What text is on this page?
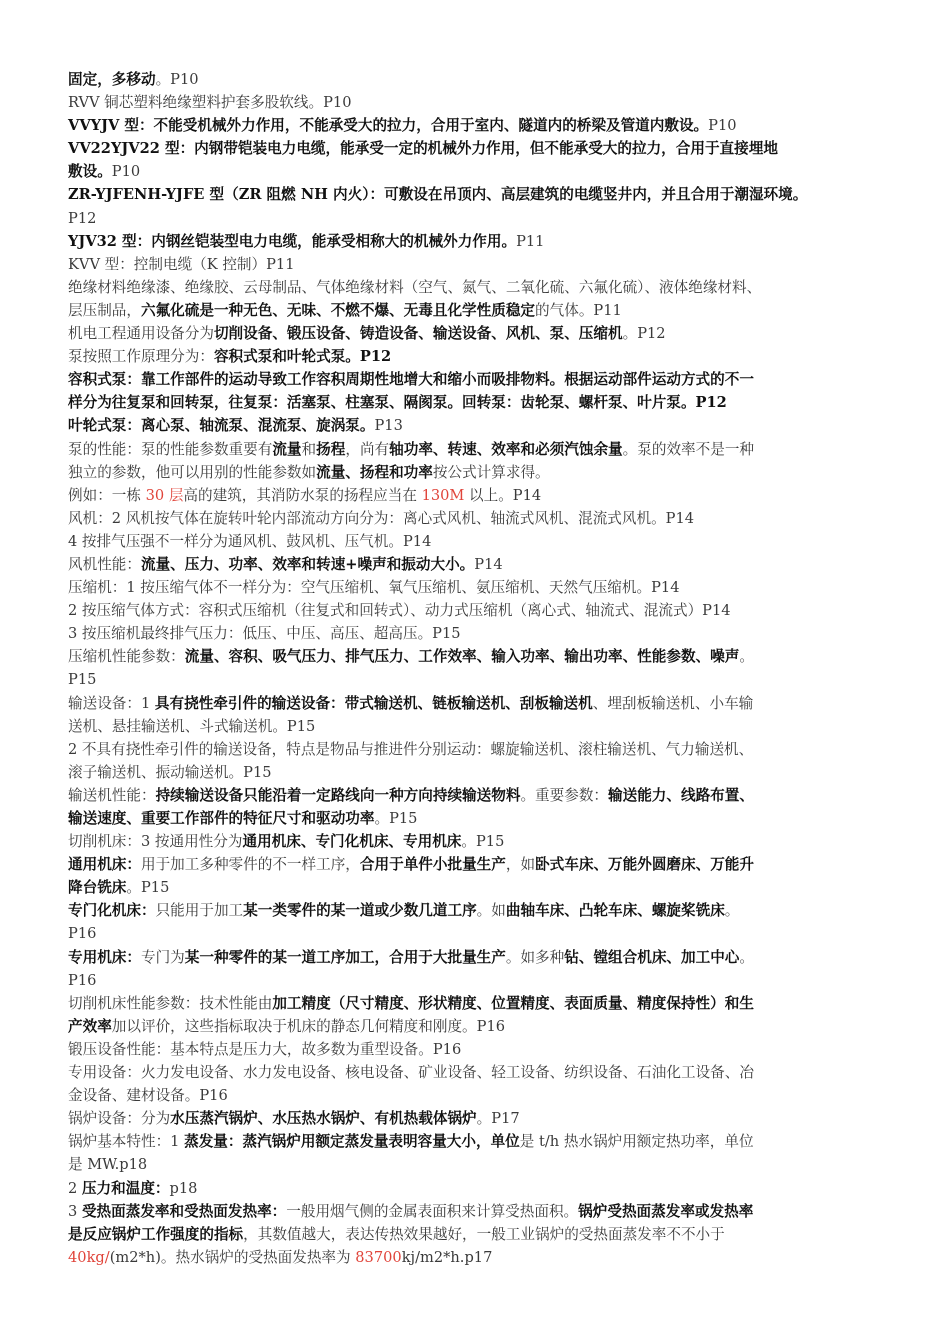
固定，多移动。P10
RVV 铜芯塑料绝缘塑料护套多股软线。P10
VVYJV 型：不能受机械外力作用，不能承受大的拉力，合用于室内、隧道内的桥梁及管道内敷设。P10
VV22YJV22 型：内钢带铠装电力电缆，能承受一定的机械外力作用，但不能承受大的拉力，合用于直接埋地
敷设。P10
ZR-YJFENH-YJFE 型（ZR 阻燃 NH 内火）：可敷设在吊顶内、高层建筑的电缆竖井内，并且合用于潮湿环境。
P12
YJV32 型：内钢丝铠装型电力电缆，能承受相称大的机械外力作用。P11
KVV 型：控制电缆（K 控制）P11
绝缘材料绝缘漆、绝缘胶、云母制品、气体绝缘材料（空气、氮气、二氧化硫、六氟化硫）、液体绝缘材料、
层压制品，六氟化硫是一种无色、无味、不燃不爆、无毒且化学性质稳定的气体。P11
机电工程通用设备分为切削设备、锻压设备、铸造设备、输送设备、风机、泵、压缩机。P12
泵按照工作原理分为：容积式泵和叶轮式泵。P12
容积式泵：靠工作部件的运动导致工作容积周期性地增大和缩小而吸排物料。根据运动部件运动方式的不一
样分为往复泵和回转泵，往复泵：活塞泵、柱塞泵、隔阂泵。回转泵：齿轮泵、螺杆泵、叶片泵。P12
叶轮式泵：离心泵、轴流泵、混流泵、旋涡泵。P13
泵的性能：泵的性能参数重要有流量和扬程，尚有轴功率、转速、效率和必须汽蚀余量。泵的效率不是一种
独立的参数，他可以用别的性能参数如流量、扬程和功率按公式计算求得。
例如：一栋 30 层高的建筑，其消防水泵的扬程应当在 130M 以上。P14
风机：2 风机按气体在旋转叶轮内部流动方向分为：离心式风机、轴流式风机、混流式风机。P14
4 按排气压强不一样分为通风机、鼓风机、压气机。P14
风机性能：流量、压力、功率、效率和转速+噪声和振动大小。P14
压缩机：1 按压缩气体不一样分为：空气压缩机、氧气压缩机、氨压缩机、天然气压缩机。P14
2 按压缩气体方式：容积式压缩机（往复式和回转式）、动力式压缩机（离心式、轴流式、混流式）P14
3 按压缩机最终排气压力：低压、中压、高压、超高压。P15
压缩机性能参数：流量、容积、吸气压力、排气压力、工作效率、输入功率、输出功率、性能参数、噪声。
P15
输送设备：1 具有挠性牵引件的输送设备：带式输送机、链板输送机、刮板输送机、埋刮板输送机、小车输
送机、悬挂输送机、斗式输送机。P15
2 不具有挠性牵引件的输送设备，特点是物品与推进件分别运动：螺旋输送机、滚柱输送机、气力输送机、
滚子输送机、振动输送机。P15
输送机性能：持续输送设备只能沿着一定路线向一种方向持续输送物料。重要参数：输送能力、线路布置、
输送速度、重要工作部件的特征尺寸和驱动功率。P15
切削机床：3 按通用性分为通用机床、专门化机床、专用机床。P15
通用机床：用于加工多种零件的不一样工序，合用于单件小批量生产，如卧式车床、万能外圆磨床、万能升
降台铣床。P15
专门化机床：只能用于加工某一类零件的某一道或少数几道工序。如曲轴车床、凸轮车床、螺旋桨铣床。
P16
专用机床：专门为某一种零件的某一道工序加工，合用于大批量生产。如多种钻、镗组合机床、加工中心。
P16
切削机床性能参数：技术性能由加工精度（尺寸精度、形状精度、位置精度、表面质量、精度保持性）和生
产效率加以评价，这些指标取决于机床的静态几何精度和刚度。P16
锻压设备性能：基本特点是压力大，故多数为重型设备。P16
专用设备：火力发电设备、水力发电设备、核电设备、矿业设备、轻工设备、纺织设备、石油化工设备、冶
金设备、建材设备。P16
锅炉设备：分为水压蒸汽锅炉、水压热水锅炉、有机热载体锅炉。P17
锅炉基本特性：1 蒸发量：蒸汽锅炉用额定蒸发量表明容量大小，单位是 t/h 热水锅炉用额定热功率，单位
是 MW.p18
2 压力和温度：p18
3 受热面蒸发率和受热面发热率：一般用烟气侧的金属表面积来计算受热面积。锅炉受热面蒸发率或发热率
是反应锅炉工作强度的指标，其数值越大，表达传热效果越好，一般工业锅炉的受热面蒸发率不不小于
40kg/(m2*h)。热水锅炉的受热面发热率为 83700kj/m2*h.p17
